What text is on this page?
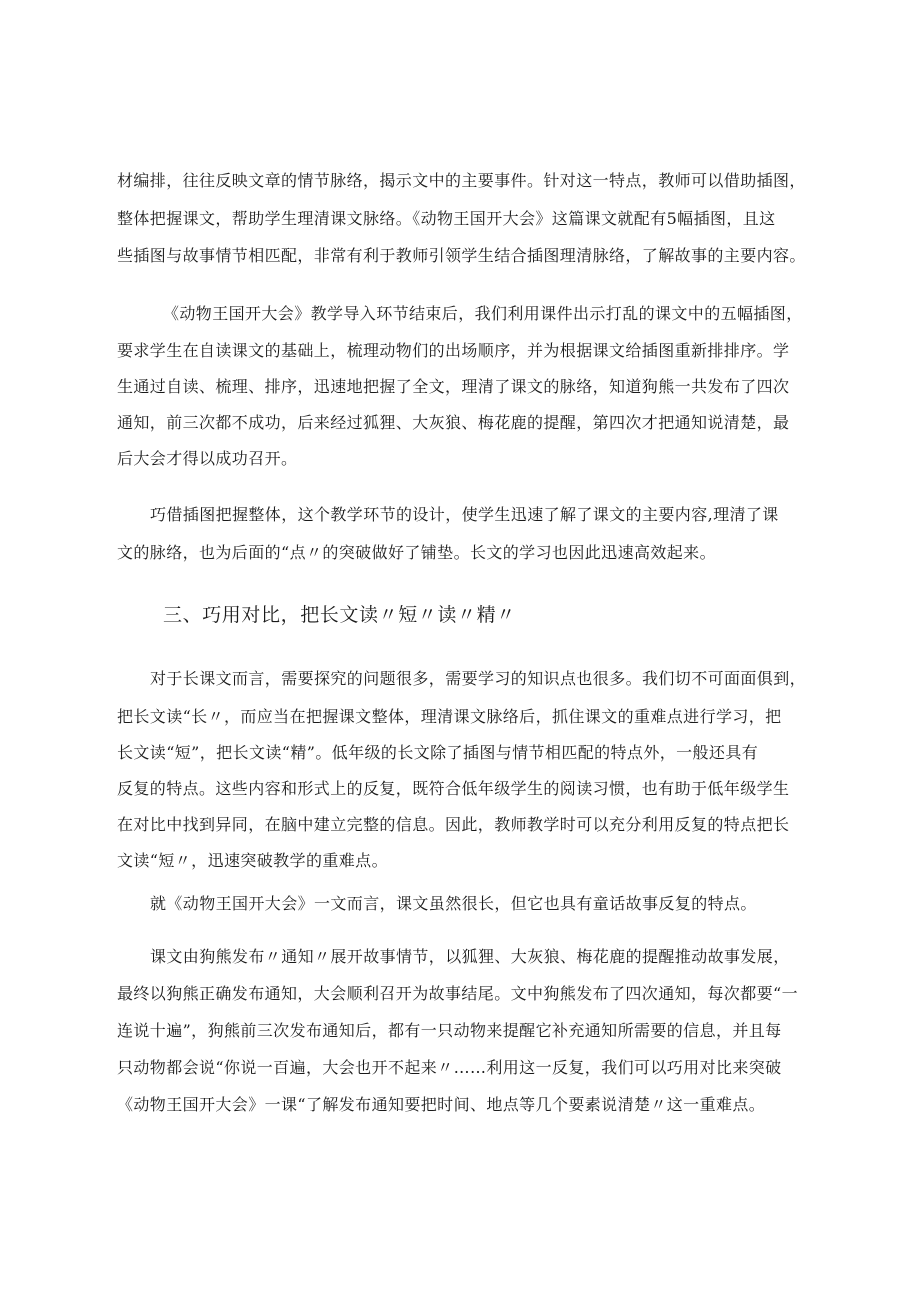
材编排，往往反映文章的情节脉络，揭示文中的主要事件。针对这一特点，教师可以借助插图，
整体把握课文，帮助学生理清课文脉络。《动物王国开大会》这篇课文就配有5幅插图，且这
些插图与故事情节相匹配，非常有利于教师引领学生结合插图理清脉络，了解故事的主要内容。
《动物王国开大会》教学导入环节结束后，我们利用课件出示打乱的课文中的五幅插图，
要求学生在自读课文的基础上，梳理动物们的出场顺序，并为根据课文给插图重新排排序。学
生通过自读、梳理、排序，迅速地把握了全文，理清了课文的脉络，知道狗熊一共发布了四次
通知，前三次都不成功，后来经过狐狸、大灰狼、梅花鹿的提醒，第四次才把通知说清楚，最
后大会才得以成功召开。
巧借插图把握整体，这个教学环节的设计，使学生迅速了解了课文的主要内容,理清了课
文的脉络，也为后面的“点〃的突破做好了铺垫。长文的学习也因此迅速高效起来。
三、巧用对比，把长文读〃短〃读〃精〃
对于长课文而言，需要探究的问题很多，需要学习的知识点也很多。我们切不可面面俱到，
把长文读“长〃，而应当在把握课文整体，理清课文脉络后，抓住课文的重难点进行学习，把
长文读“短”，把长文读“精”。低年级的长文除了插图与情节相匹配的特点外，一般还具有
反复的特点。这些内容和形式上的反复，既符合低年级学生的阅读习惯，也有助于低年级学生
在对比中找到异同，在脑中建立完整的信息。因此，教师教学时可以充分利用反复的特点把长
文读“短〃，迅速突破教学的重难点。
就《动物王国开大会》一文而言，课文虽然很长，但它也具有童话故事反复的特点。
课文由狗熊发布〃通知〃展开故事情节，以狐狸、大灰狼、梅花鹿的提醒推动故事发展，
最终以狗熊正确发布通知，大会顺利召开为故事结尾。文中狗熊发布了四次通知，每次都要“一
连说十遍”，狗熊前三次发布通知后，都有一只动物来提醒它补充通知所需要的信息，并且每
只动物都会说“你说一百遍，大会也开不起来〃……利用这一反复，我们可以巧用对比来突破
《动物王国开大会》一课“了解发布通知要把时间、地点等几个要素说清楚〃这一重难点。
